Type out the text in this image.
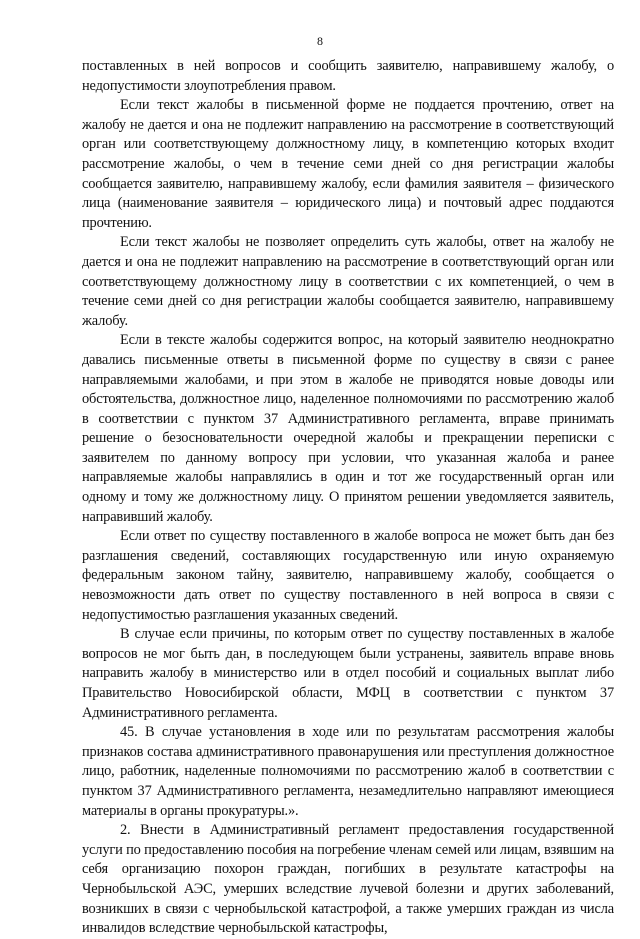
8

поставленных в ней вопросов и сообщить заявителю, направившему жалобу, о недопустимости злоупотребления правом.

Если текст жалобы в письменной форме не поддается прочтению, ответ на жалобу не дается и она не подлежит направлению на рассмотрение в соответствующий орган или соответствующему должностному лицу, в компетенцию которых входит рассмотрение жалобы, о чем в течение семи дней со дня регистрации жалобы сообщается заявителю, направившему жалобу, если фамилия заявителя – физического лица (наименование заявителя – юридического лица) и почтовый адрес поддаются прочтению.

Если текст жалобы не позволяет определить суть жалобы, ответ на жалобу не дается и она не подлежит направлению на рассмотрение в соответствующий орган или соответствующему должностному лицу в соответствии с их компетенцией, о чем в течение семи дней со дня регистрации жалобы сообщается заявителю, направившему жалобу.

Если в тексте жалобы содержится вопрос, на который заявителю неоднократно давались письменные ответы в письменной форме по существу в связи с ранее направляемыми жалобами, и при этом в жалобе не приводятся новые доводы или обстоятельства, должностное лицо, наделенное полномочиями по рассмотрению жалоб в соответствии с пунктом 37 Административного регламента, вправе принимать решение о безосновательности очередной жалобы и прекращении переписки с заявителем по данному вопросу при условии, что указанная жалоба и ранее направляемые жалобы направлялись в один и тот же государственный орган или одному и тому же должностному лицу. О принятом решении уведомляется заявитель, направивший жалобу.

Если ответ по существу поставленного в жалобе вопроса не может быть дан без разглашения сведений, составляющих государственную или иную охраняемую федеральным законом тайну, заявителю, направившему жалобу, сообщается о невозможности дать ответ по существу поставленного в ней вопроса в связи с недопустимостью разглашения указанных сведений.

В случае если причины, по которым ответ по существу поставленных в жалобе вопросов не мог быть дан, в последующем были устранены, заявитель вправе вновь направить жалобу в министерство или в отдел пособий и социальных выплат либо Правительство Новосибирской области, МФЦ в соответствии с пунктом 37 Административного регламента.

45. В случае установления в ходе или по результатам рассмотрения жалобы признаков состава административного правонарушения или преступления должностное лицо, работник, наделенные полномочиями по рассмотрению жалоб в соответствии с пунктом 37 Административного регламента, незамедлительно направляют имеющиеся материалы в органы прокуратуры.».

2. Внести в Административный регламент предоставления государственной услуги по предоставлению пособия на погребение членам семей или лицам, взявшим на себя организацию похорон граждан, погибших в результате катастрофы на Чернобыльской АЭС, умерших вследствие лучевой болезни и других заболеваний, возникших в связи с чернобыльской катастрофой, а также умерших граждан из числа инвалидов вследствие чернобыльской катастрофы,
